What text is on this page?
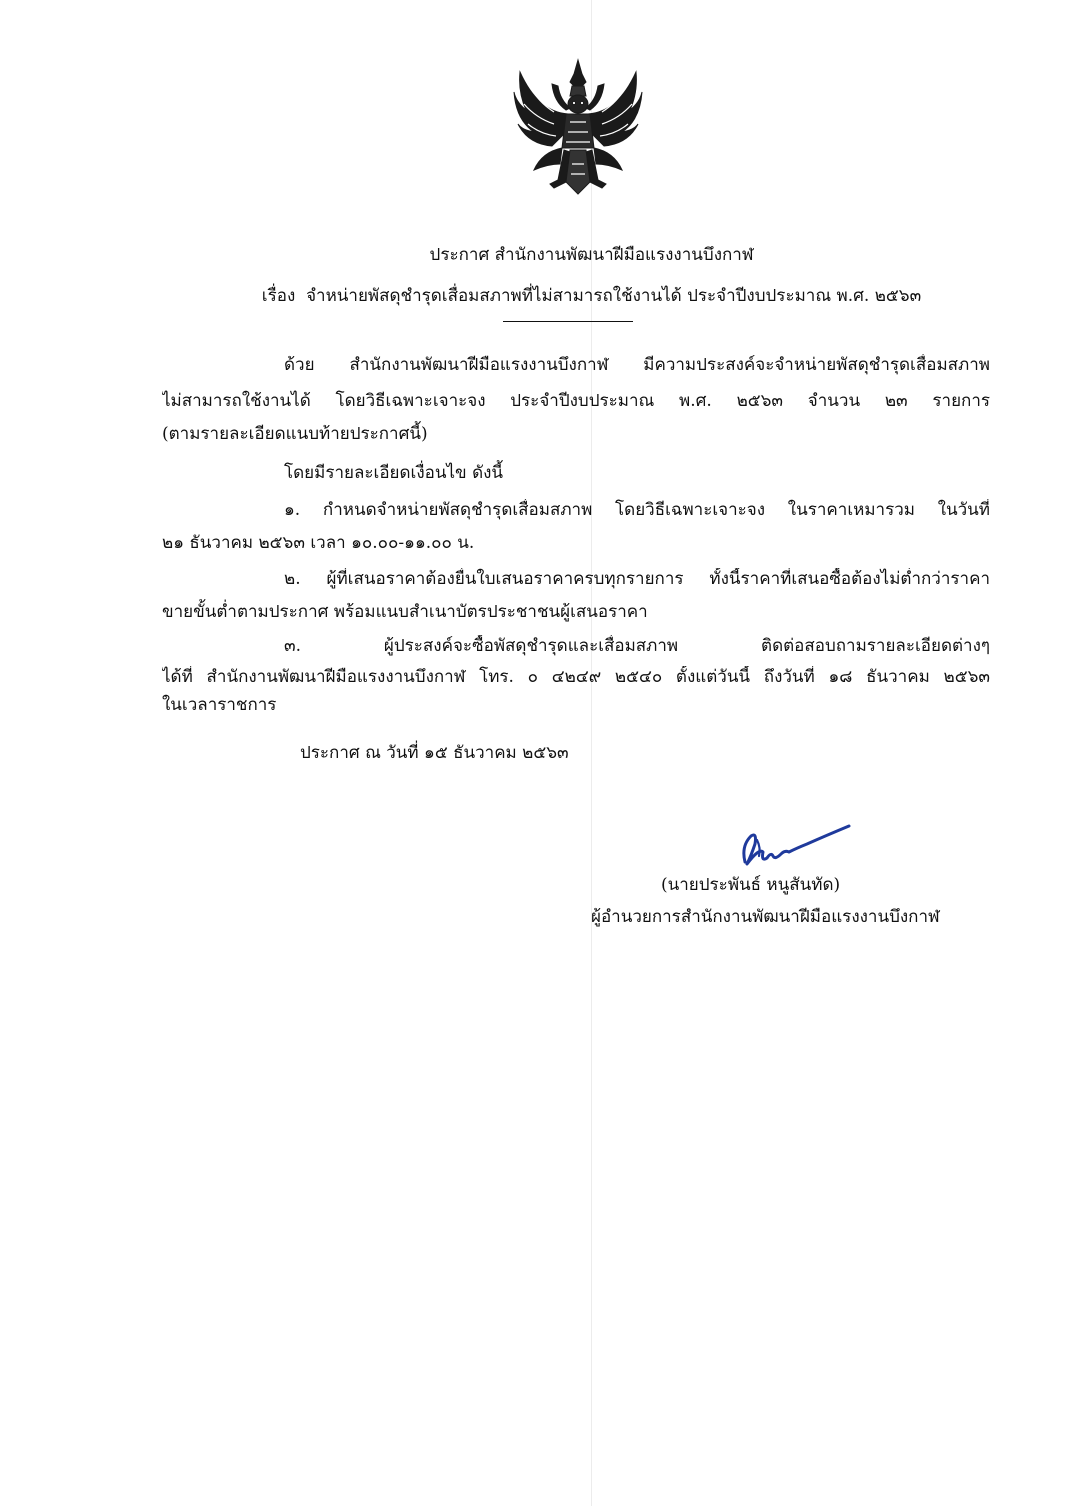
ประกาศ สำนักงานพัฒนาฝีมือแรงงานบึงกาฬ
เรื่อง จำหน่ายพัสดุชำรุดเสื่อมสภาพที่ไม่สามารถใช้งานได้ ประจำปีงบประมาณ พ.ศ. ๒๕๖๓
ด้วย สำนักงานพัฒนาฝีมือแรงงานบึงกาฬ มีความประสงค์จะจำหน่ายพัสดุชำรุดเสื่อมสภาพ
ไม่สามารถใช้งานได้ โดยวิธีเฉพาะเจาะจง ประจำปีงบประมาณ พ.ศ. ๒๕๖๓ จำนวน ๒๓ รายการ
(ตามรายละเอียดแนบท้ายประกาศนี้)
โดยมีรายละเอียดเงื่อนไข ดังนี้
๑. กำหนดจำหน่ายพัสดุชำรุดเสื่อมสภาพ โดยวิธีเฉพาะเจาะจง ในราคาเหมารวม ในวันที่
๒๑ ธันวาคม ๒๕๖๓ เวลา ๑๐.๐๐-๑๑.๐๐ น.
๒. ผู้ที่เสนอราคาต้องยื่นใบเสนอราคาครบทุกรายการ ทั้งนี้ราคาที่เสนอซื้อต้องไม่ต่ำกว่าราคา
ขายขั้นต่ำตามประกาศ พร้อมแนบสำเนาบัตรประชาชนผู้เสนอราคา
๓. ผู้ประสงค์จะซื้อพัสดุชำรุดและเสื่อมสภาพ ติดต่อสอบถามรายละเอียดต่างๆ
ได้ที่ สำนักงานพัฒนาฝีมือแรงงานบึงกาฬ โทร. ๐ ๔๒๔๙ ๒๕๔๐ ตั้งแต่วันนี้ ถึงวันที่ ๑๘ ธันวาคม ๒๕๖๓
ในเวลาราชการ
ประกาศ ณ วันที่ ๑๕ ธันวาคม ๒๕๖๓
(นายประพันธ์ หนูสันทัด)
ผู้อำนวยการสำนักงานพัฒนาฝีมือแรงงานบึงกาฬ
